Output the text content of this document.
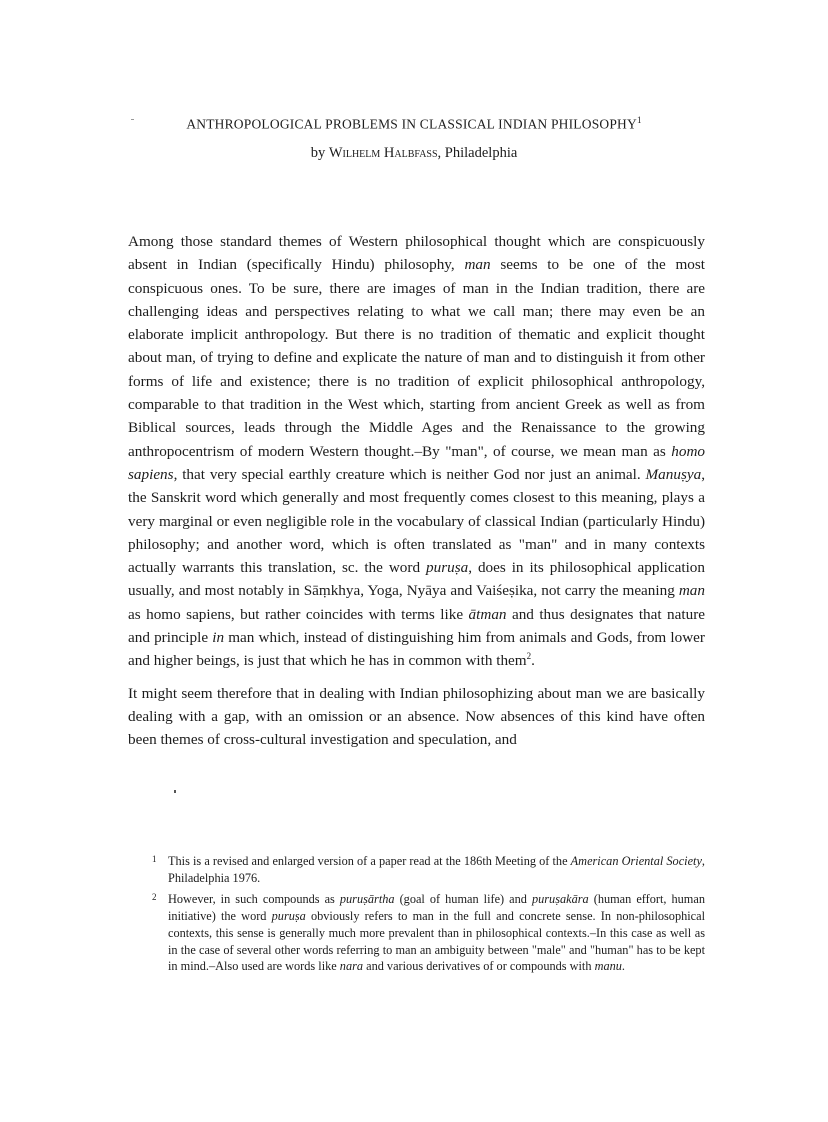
ANTHROPOLOGICAL PROBLEMS IN CLASSICAL INDIAN PHILOSOPHY$^1$
by Wilhelm Halbfass, Philadelphia

Among those standard themes of Western philosophical thought which are conspicuously absent in Indian (specifically Hindu) philosophy, man seems to be one of the most conspicuous ones. To be sure, there are images of man in the Indian tradition, there are challenging ideas and perspectives relating to what we call man; there may even be an elaborate implicit anthropology. But there is no tradition of thematic and explicit thought about man, of trying to define and explicate the nature of man and to distinguish it from other forms of life and existence; there is no tradition of explicit philosophical anthropology, comparable to that tradition in the West which, starting from ancient Greek as well as from Biblical sources, leads through the Middle Ages and the Renaissance to the growing anthropocentrism of modern Western thought.–By "man", of course, we mean man as homo sapiens, that very special earthly creature which is neither God nor just an animal. Manuṣya, the Sanskrit word which generally and most frequently comes closest to this meaning, plays a very marginal or even negligible role in the vocabulary of classical Indian (particularly Hindu) philosophy; and another word, which is often translated as "man" and in many contexts actually warrants this translation, sc. the word puruṣa, does in its philosophical application usually, and most notably in Sāṃkhya, Yoga, Nyāya and Vaiśeṣika, not carry the meaning man as homo sapiens, but rather coincides with terms like ātman and thus designates that nature and principle in man which, instead of distinguishing him from animals and Gods, from lower and higher beings, is just that which he has in common with them$^2$.

It might seem therefore that in dealing with Indian philosophizing about man we are basically dealing with a gap, with an omission or an absence. Now absences of this kind have often been themes of cross-cultural investigation and speculation, and

1 This is a revised and enlarged version of a paper read at the 186th Meeting of the American Oriental Society, Philadelphia 1976.

2 However, in such compounds as puruṣārtha (goal of human life) and puruṣakāra (human effort, human initiative) the word puruṣa obviously refers to man in the full and concrete sense. In non-philosophical contexts, this sense is generally much more prevalent than in philosophical contexts.–In this case as well as in the case of several other words referring to man an ambiguity between "male" and "human" has to be kept in mind.–Also used are words like nara and various derivatives of or compounds with manu.
